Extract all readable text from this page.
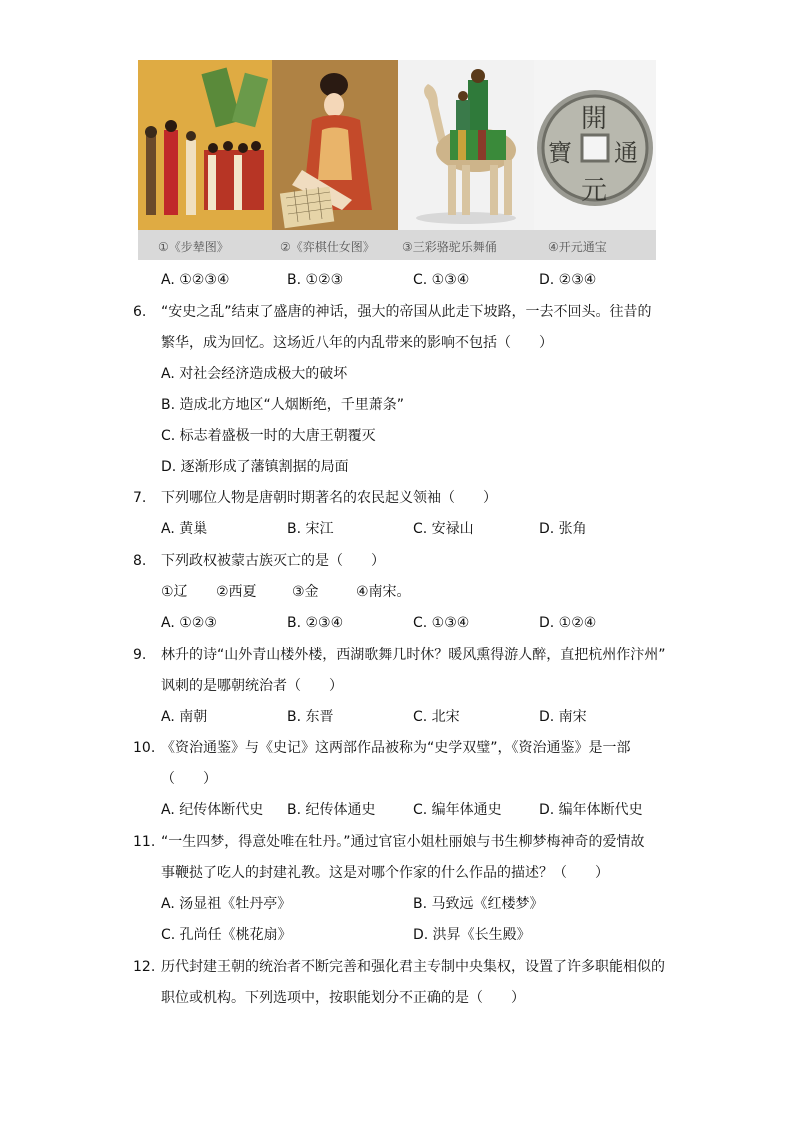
開
元
通
寶
①《步辇图》	②《弈棋仕女图》 ③三彩骆驼乐舞俑	④开元通宝
A. ①②③④	B. ①②③	C. ①③④	D. ②③④
6. “安史之乱”结束了盛唐的神话，强大的帝国从此走下坡路，一去不回头。往昔的
繁华，成为回忆。这场近八年的内乱带来的影响不包括（　　）
A. 对社会经济造成极大的破坏
B. 造成北方地区“人烟断绝，千里萧条”
C. 标志着盛极一时的大唐王朝覆灭
D. 逐渐形成了藩镇割据的局面
7. 下列哪位人物是唐朝时期著名的农民起义领袖（　　）
A. 黄巢	B. 宋江	C. 安禄山	D. 张角
8. 下列政权被蒙古族灭亡的是（　　）
①辽 ②西夏	③金	④南宋。
A. ①②③	B. ②③④	C. ①③④	D. ①②④
9. 林升的诗“山外青山楼外楼，西湖歌舞几时休？暖风熏得游人醉，直把杭州作汴州”
讽刺的是哪朝统治者（　　）
A. 南朝	B. 东晋	C. 北宋	D. 南宋
10. 《资治通鉴》与《史记》这两部作品被称为“史学双璧”，《资治通鉴》是一部
（　　）
A. 纪传体断代史 B. 纪传体通史	C. 编年体通史	D. 编年体断代史
11. “一生四梦，得意处唯在牡丹。”通过官宦小姐杜丽娘与书生柳梦梅神奇的爱情故
事鞭挞了吃人的封建礼教。这是对哪个作家的什么作品的描述？（　　）
A. 汤显祖《牡丹亭》	B. 马致远《红楼梦》
C. 孔尚任《桃花扇》	D. 洪昇《长生殿》
12. 历代封建王朝的统治者不断完善和强化君主专制中央集权，设置了许多职能相似的
职位或机构。下列选项中，按职能划分不正确的是（　　）
